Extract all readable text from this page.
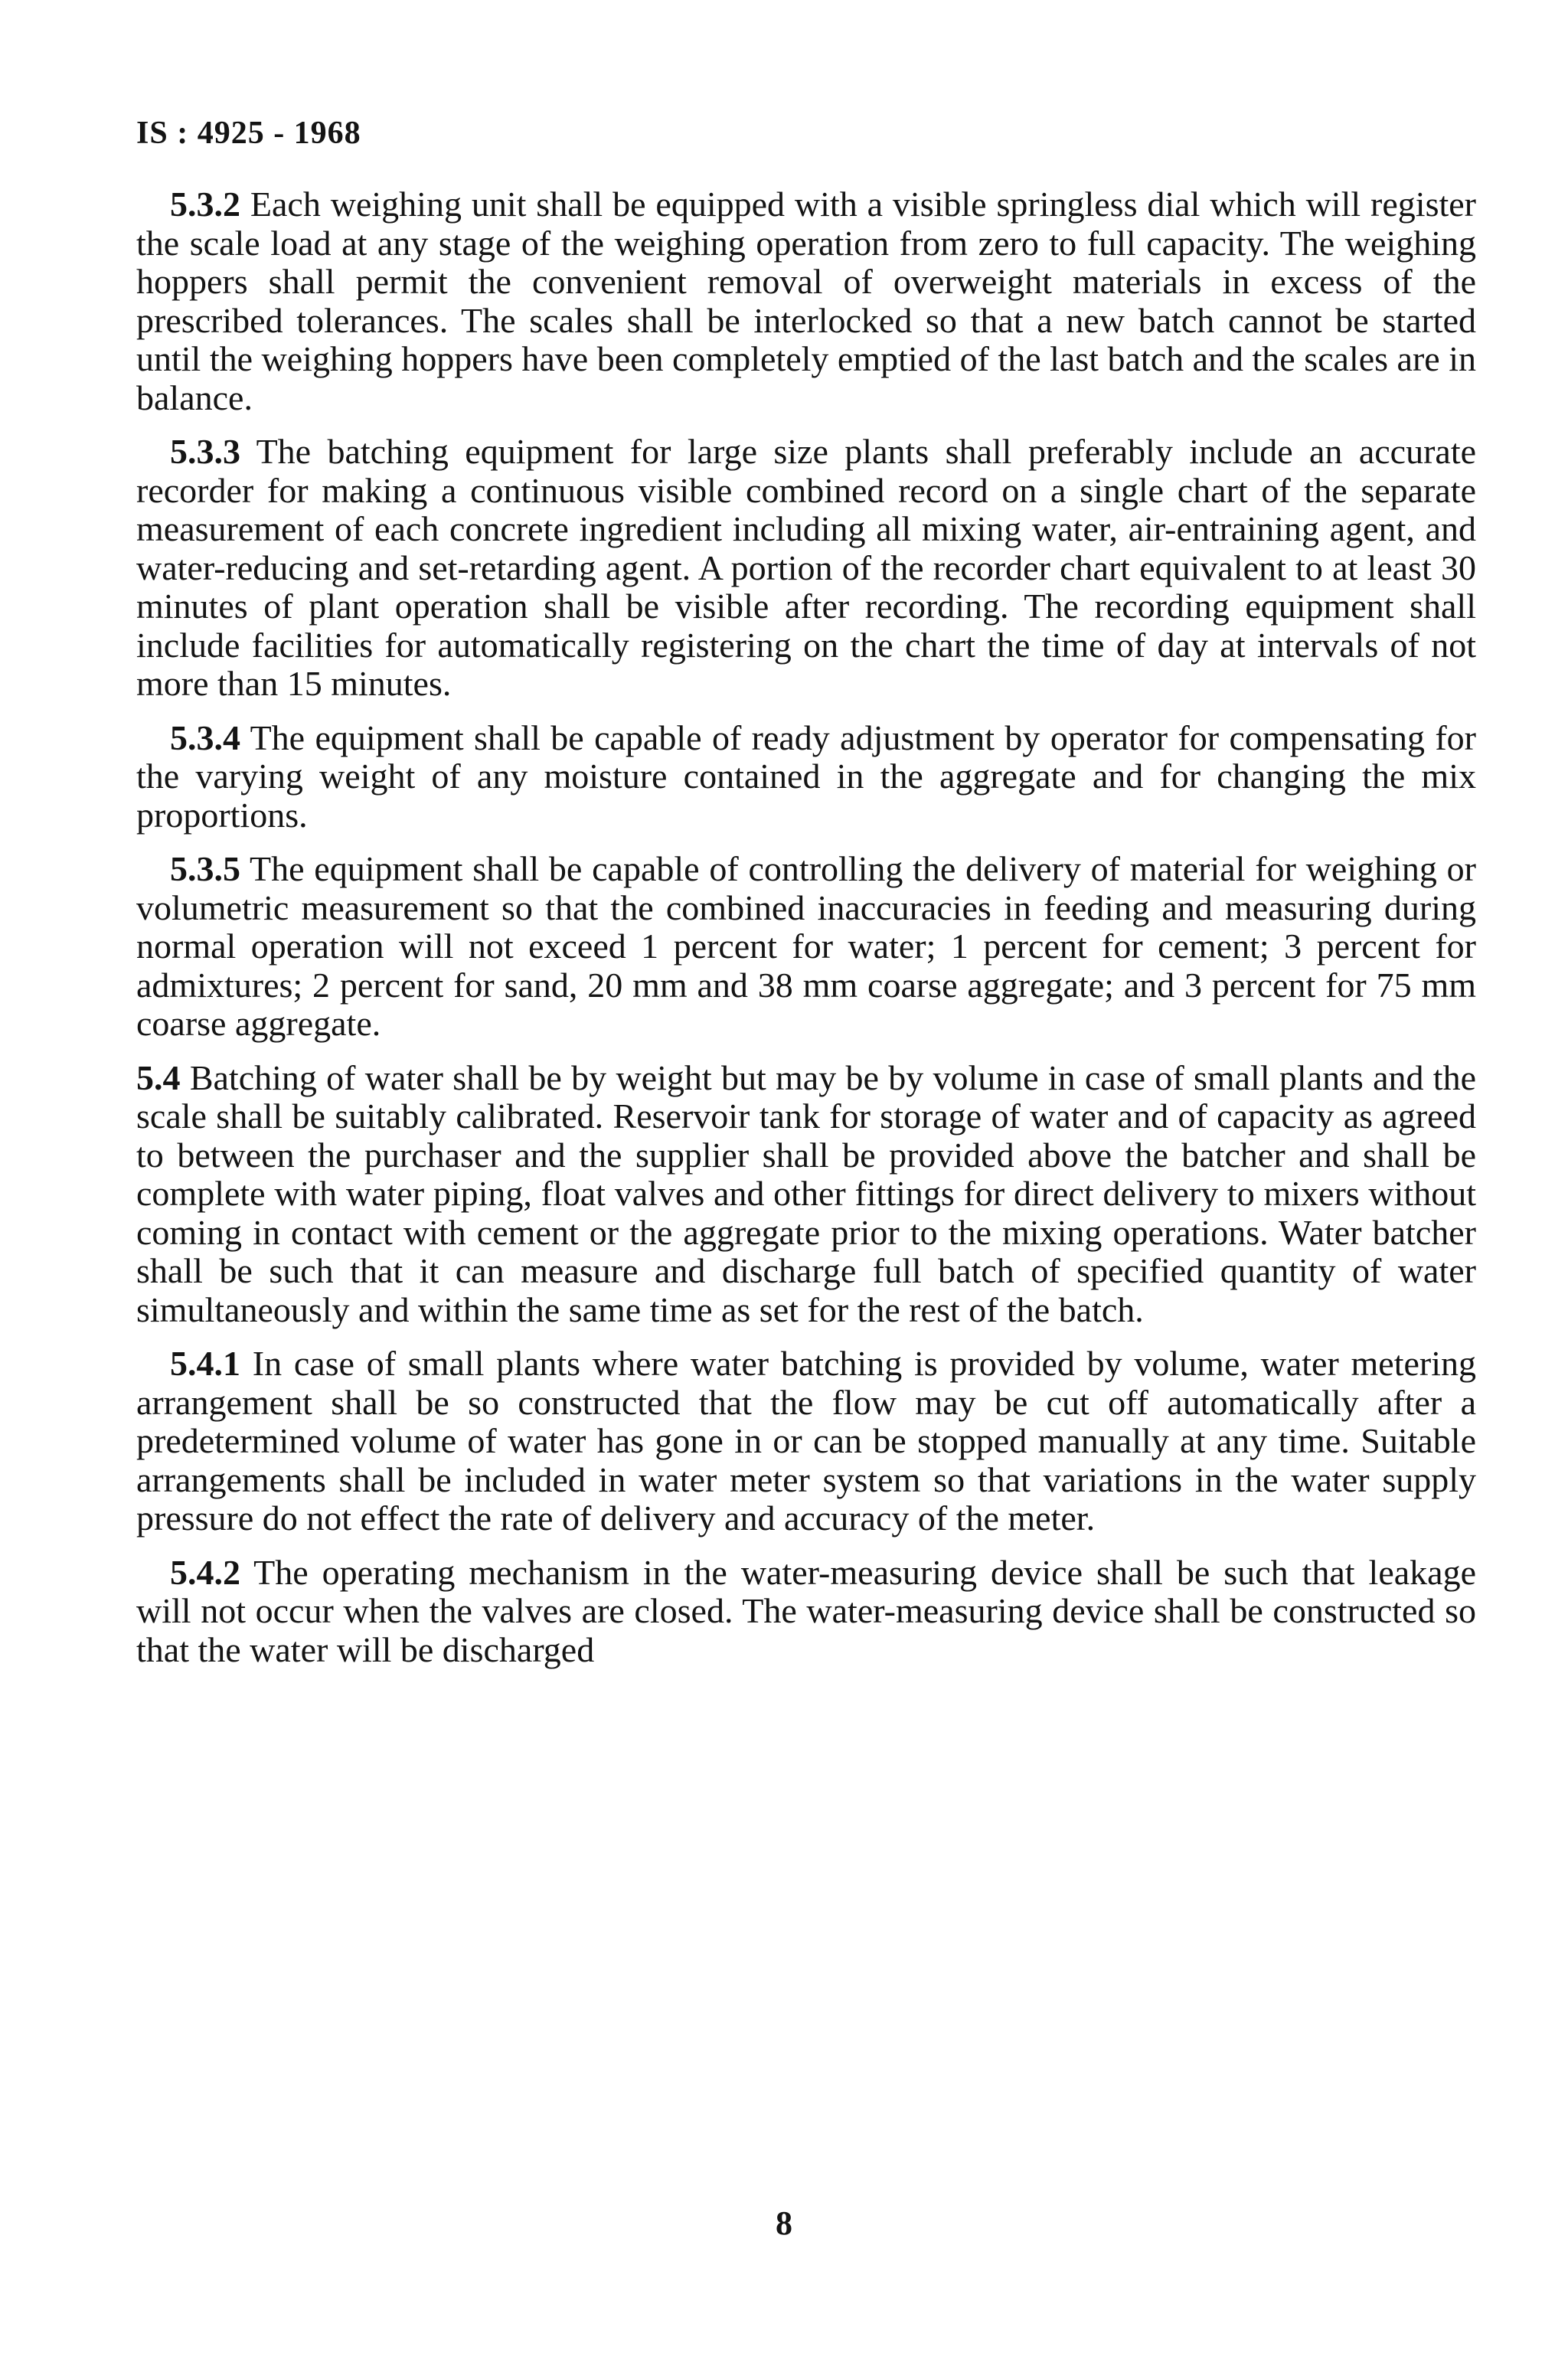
IS : 4925 - 1968

5.3.2 Each weighing unit shall be equipped with a visible springless dial which will register the scale load at any stage of the weighing operation from zero to full capacity. The weighing hoppers shall permit the convenient removal of overweight materials in excess of the prescribed tolerances. The scales shall be interlocked so that a new batch cannot be started until the weighing hoppers have been completely emptied of the last batch and the scales are in balance.

5.3.3 The batching equipment for large size plants shall preferably include an accurate recorder for making a continuous visible combined record on a single chart of the separate measurement of each concrete ingredient including all mixing water, air-entraining agent, and water-reducing and set-retarding agent. A portion of the recorder chart equivalent to at least 30 minutes of plant operation shall be visible after recording. The recording equipment shall include facilities for automatically registering on the chart the time of day at intervals of not more than 15 minutes.

5.3.4 The equipment shall be capable of ready adjustment by operator for compensating for the varying weight of any moisture contained in the aggregate and for changing the mix proportions.

5.3.5 The equipment shall be capable of controlling the delivery of material for weighing or volumetric measurement so that the combined inaccuracies in feeding and measuring during normal operation will not exceed 1 percent for water; 1 percent for cement; 3 percent for admixtures; 2 percent for sand, 20 mm and 38 mm coarse aggregate; and 3 percent for 75 mm coarse aggregate.

5.4 Batching of water shall be by weight but may be by volume in case of small plants and the scale shall be suitably calibrated. Reservoir tank for storage of water and of capacity as agreed to between the purchaser and the supplier shall be provided above the batcher and shall be complete with water piping, float valves and other fittings for direct delivery to mixers without coming in contact with cement or the aggregate prior to the mixing operations. Water batcher shall be such that it can measure and discharge full batch of specified quantity of water simultaneously and within the same time as set for the rest of the batch.

5.4.1 In case of small plants where water batching is provided by volume, water metering arrangement shall be so constructed that the flow may be cut off automatically after a predetermined volume of water has gone in or can be stopped manually at any time. Suitable arrangements shall be included in water meter system so that variations in the water supply pressure do not effect the rate of delivery and accuracy of the meter.

5.4.2 The operating mechanism in the water-measuring device shall be such that leakage will not occur when the valves are closed. The water-measuring device shall be constructed so that the water will be discharged

8
